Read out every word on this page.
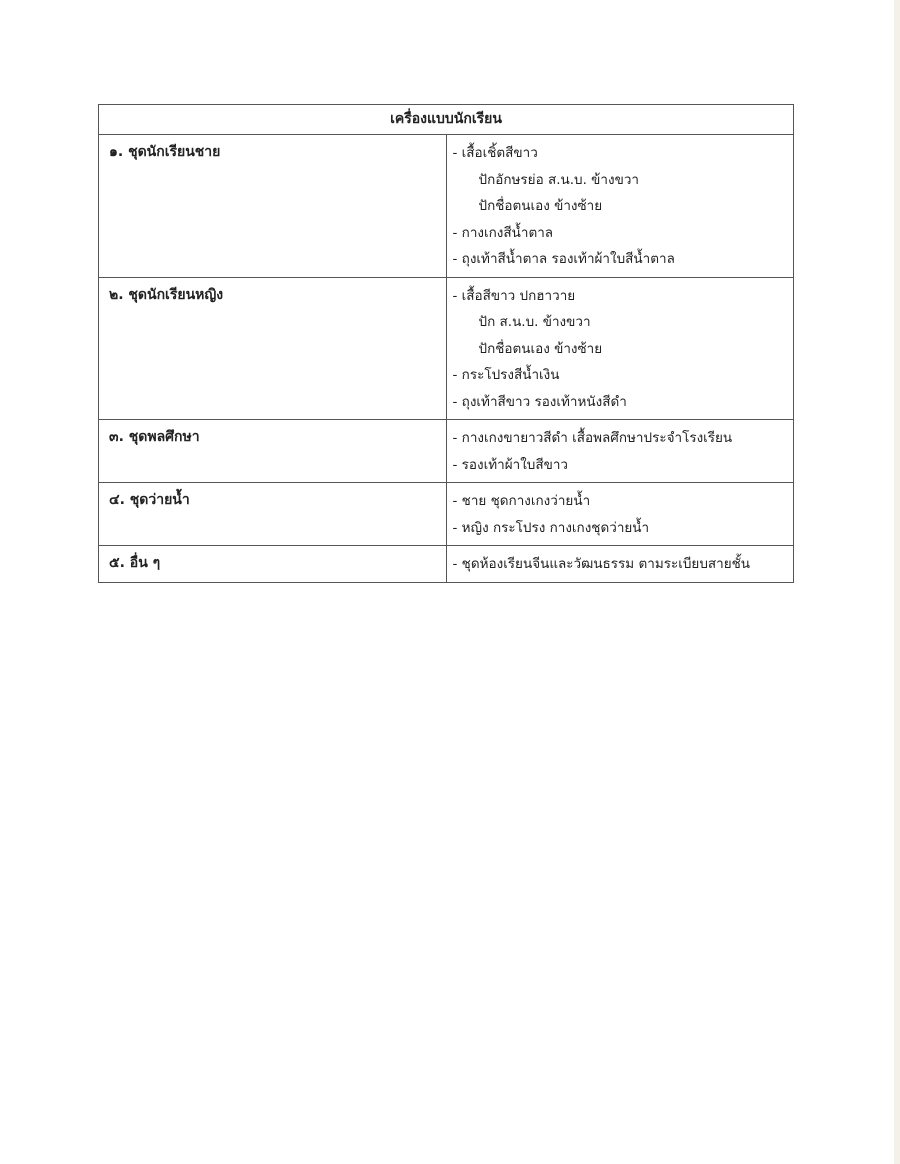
เครื่องแบบนักเรียน	
๑. ชุดนักเรียนชาย	- เสื้อเชิ้ตสีขาว
ปักอักษรย่อ ส.น.บ. ข้างขวา
ปักชื่อตนเอง ข้างซ้าย
- กางเกงสีน้ำตาล
- ถุงเท้าสีน้ำตาล รองเท้าผ้าใบสีน้ำตาล

๒. ชุดนักเรียนหญิง	- เสื้อสีขาว ปกฮาวาย
ปัก ส.น.บ. ข้างขวา
ปักชื่อตนเอง ข้างซ้าย
- กระโปรงสีน้ำเงิน
- ถุงเท้าสีขาว รองเท้าหนังสีดำ

๓. ชุดพลศึกษา	- กางเกงขายาวสีดำ เสื้อพลศึกษาประจำโรงเรียน
- รองเท้าผ้าใบสีขาว

๔. ชุดว่ายน้ำ	- ชาย ชุดกางเกงว่ายน้ำ
- หญิง กระโปรง กางเกงชุดว่ายน้ำ

๕. อื่น ๆ	- ชุดห้องเรียนจีนและวัฒนธรรม ตามระเบียบสายชั้น
